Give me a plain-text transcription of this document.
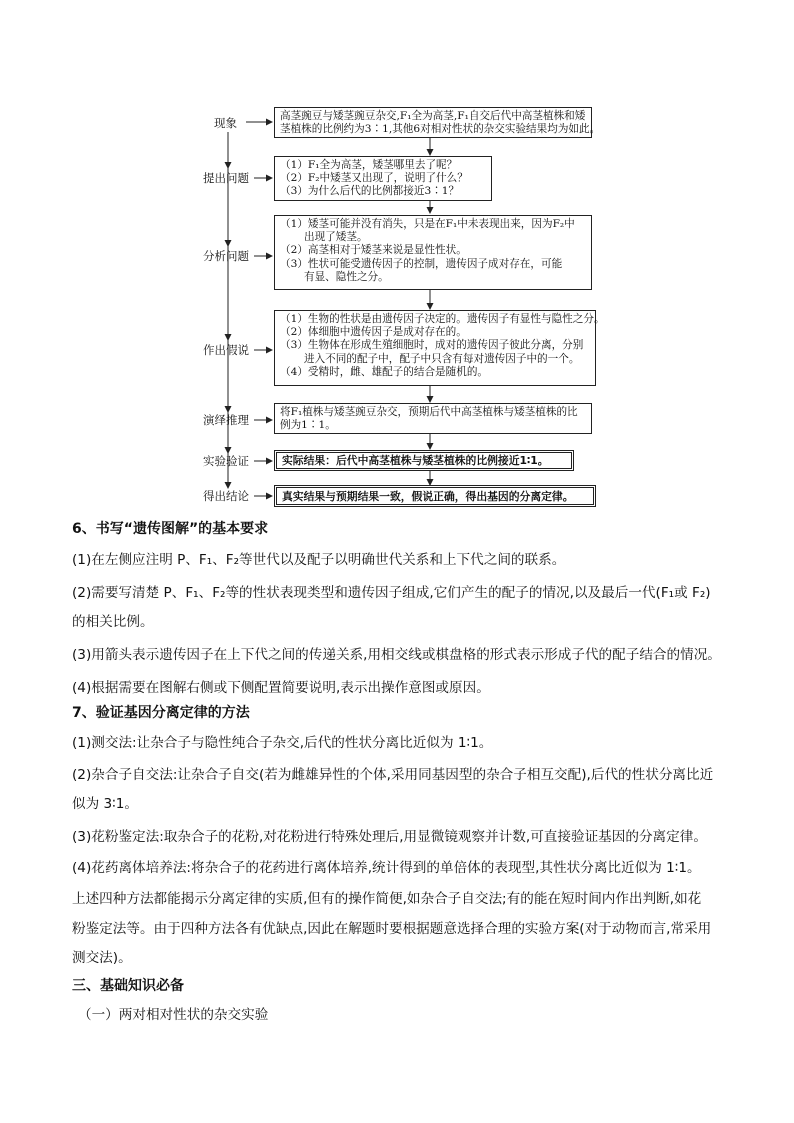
现象
提出问题
分析问题
作出假说
演绎推理
实验验证
得出结论
高茎豌豆与矮茎豌豆杂交,F₁全为高茎,F₁自交后代中高茎植株和矮
茎植株的比例约为3∶1,其他6对相对性状的杂交实验结果均为如此。
（1）F₁全为高茎，矮茎哪里去了呢？
（2）F₂中矮茎又出现了，说明了什么？
（3）为什么后代的比例都接近3∶1？
（1）矮茎可能并没有消失，只是在F₁中未表现出来，因为F₂中
出现了矮茎。
（2）高茎相对于矮茎来说是显性性状。
（3）性状可能受遗传因子的控制，遗传因子成对存在，可能
有显、隐性之分。
（1）生物的性状是由遗传因子决定的。遗传因子有显性与隐性之分。
（2）体细胞中遗传因子是成对存在的。
（3）生物体在形成生殖细胞时，成对的遗传因子彼此分离，分别
进入不同的配子中，配子中只含有每对遗传因子中的一个。
（4）受精时，雌、雄配子的结合是随机的。
将F₁植株与矮茎豌豆杂交，预期后代中高茎植株与矮茎植株的比
例为1∶1。
实际结果：后代中高茎植株与矮茎植株的比例接近1∶1。
真实结果与预期结果一致，假说正确，得出基因的分离定律。
6、书写“遗传图解”的基本要求
(1)在左侧应注明 P、F₁、F₂等世代以及配子以明确世代关系和上下代之间的联系。
(2)需要写清楚 P、F₁、F₂等的性状表现类型和遗传因子组成,它们产生的配子的情况,以及最后一代(F₁或 F₂)
的相关比例。
(3)用箭头表示遗传因子在上下代之间的传递关系,用相交线或棋盘格的形式表示形成子代的配子结合的情况。
(4)根据需要在图解右侧或下侧配置简要说明,表示出操作意图或原因。
7、验证基因分离定律的方法
(1)测交法:让杂合子与隐性纯合子杂交,后代的性状分离比近似为 1∶1。
(2)杂合子自交法:让杂合子自交(若为雌雄异性的个体,采用同基因型的杂合子相互交配),后代的性状分离比近
似为 3∶1。
(3)花粉鉴定法:取杂合子的花粉,对花粉进行特殊处理后,用显微镜观察并计数,可直接验证基因的分离定律。
(4)花药离体培养法:将杂合子的花药进行离体培养,统计得到的单倍体的表现型,其性状分离比近似为 1∶1。
上述四种方法都能揭示分离定律的实质,但有的操作简便,如杂合子自交法;有的能在短时间内作出判断,如花
粉鉴定法等。由于四种方法各有优缺点,因此在解题时要根据题意选择合理的实验方案(对于动物而言,常采用
测交法)。
三、基础知识必备
（一）两对相对性状的杂交实验
